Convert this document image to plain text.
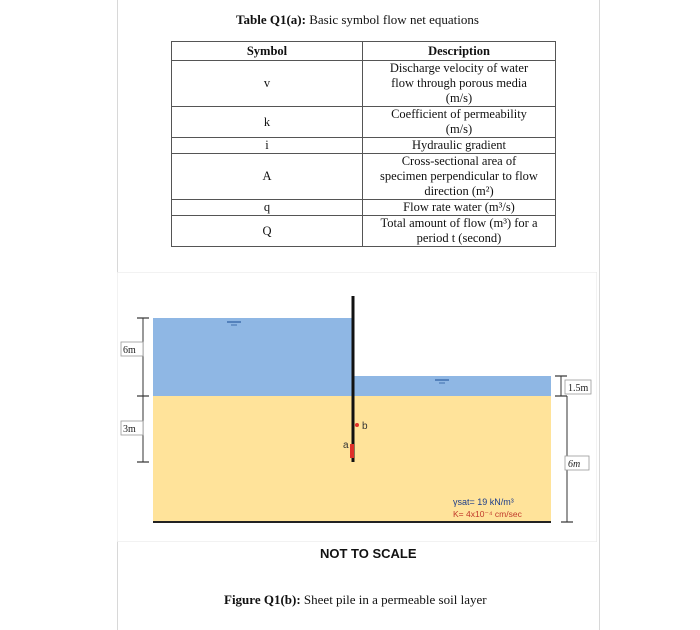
Table Q1(a): Basic symbol flow net equations
Symbol	Description
v	Discharge velocity of water
flow through porous media
(m/s)

k	Coefficient of permeability
(m/s)

i	Hydraulic gradient

A	Cross-sectional area of
specimen perpendicular to flow
direction (m²)

q	Flow rate water (m³/s)

Q	Total amount of flow (m³) for a
period t (second)
a
b
6m
3m
1.5m
6m
γsat= 19 kN/m³
K= 4x10⁻⁴ cm/sec
NOT TO SCALE
Figure Q1(b): Sheet pile in a permeable soil layer
